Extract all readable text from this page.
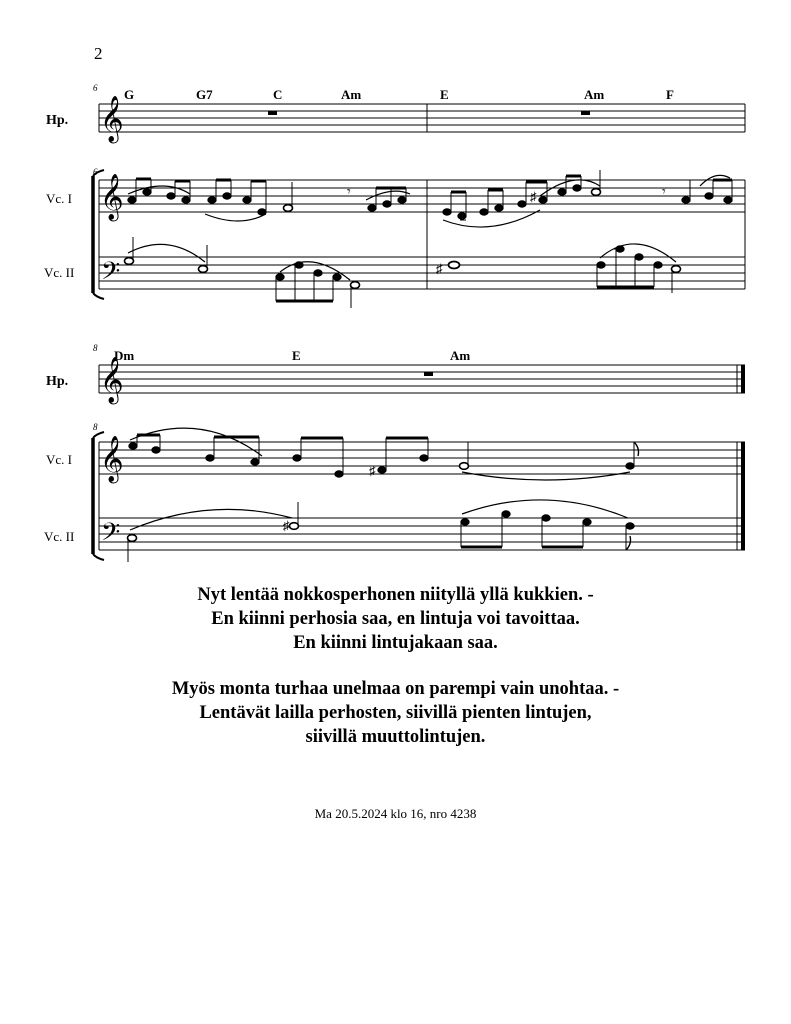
2
6
6
G	G7	C	Am	E	Am	F
Hp.
Vc. I
Vc. II
𝄞
𝄞
𝄢
𝄾	♯	𝄾
♯
8
8
Dm	E	Am
Hp.
Vc. I
Vc. II
𝄞
𝄞
𝄢
♯
♯
Nyt lentää nokkosperhonen niityllä yllä kukkien. -
En kiinni perhosia saa, en lintuja voi tavoittaa.
En kiinni lintujakaan saa.
Myös monta turhaa unelmaa on parempi vain unohtaa. -
Lentävät lailla perhosten, siivillä pienten lintujen,
siivillä muuttolintujen.
Ma 20.5.2024 klo 16, nro 4238
